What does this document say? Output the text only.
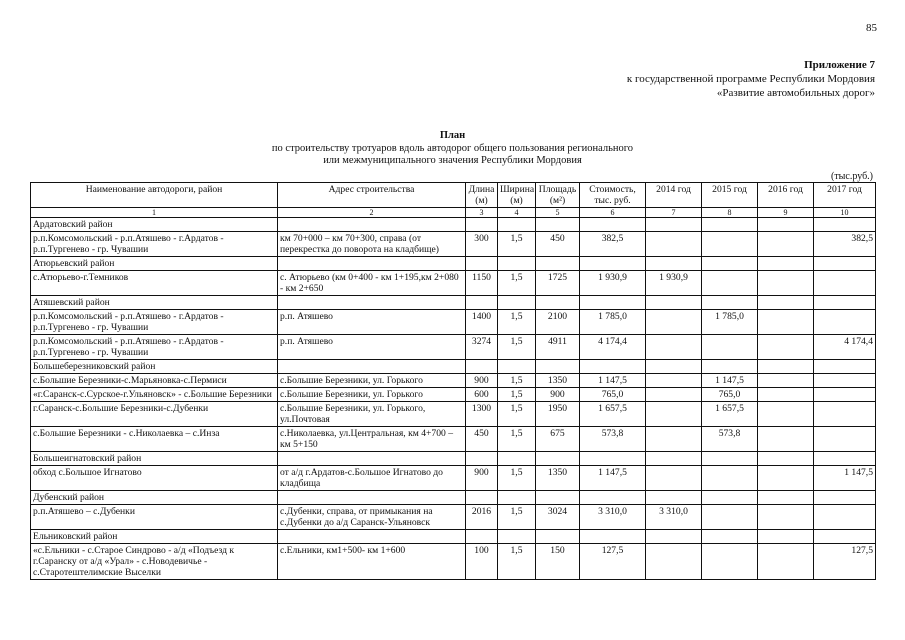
85
Приложение 7
к государственной программе Республики Мордовия
«Развитие автомобильных дорог»
План
по строительству тротуаров вдоль автодорог общего пользования регионального
или межмуниципального значения Республики Мордовия
(тыс.руб.)
Наименование автодороги, район	Адрес строительства	Длина (м)	Ширина (м)	Площадь (м²)	Стоимость, тыс. руб.	2014 год	2015 год	2016 год	2017 год
1	2	3	4	5	6	7	8	9	10
Ардатовский район									
р.п.Комсомольский - р.п.Атяшево - г.Ардатов - р.п.Тургенево - гр. Чувашии	км 70+000 – км 70+300, справа (от перекрестка до поворота на кладбище)	300	1,5	450	382,5				382,5
Атюрьевский район									
с.Атюрьево-г.Темников	с. Атюрьево (км 0+400 - км 1+195,км 2+080 - км 2+650	1150	1,5	1725	1 930,9	1 930,9			
Атяшевский район									
р.п.Комсомольский - р.п.Атяшево - г.Ардатов - р.п.Тургенево - гр. Чувашии	р.п. Атяшево	1400	1,5	2100	1 785,0		1 785,0		
р.п.Комсомольский - р.п.Атяшево - г.Ардатов - р.п.Тургенево - гр. Чувашии	р.п. Атяшево	3274	1,5	4911	4 174,4				4 174,4
Большеберезниковский район									
с.Большие Березники-с.Марьяновка-с.Пермиси	с.Большие Березники, ул. Горького	900	1,5	1350	1 147,5		1 147,5		
«г.Саранск-с.Сурское-г.Ульяновск» - с.Большие Березники	с.Большие Березники, ул. Горького	600	1,5	900	765,0		765,0		
г.Саранск-с.Большие Березники-с.Дубенки	с.Большие Березники, ул. Горького, ул.Почтовая	1300	1,5	1950	1 657,5		1 657,5		
с.Большие Березники - с.Николаевка – с.Инза	с.Николаевка, ул.Центральная, км 4+700 – км 5+150	450	1,5	675	573,8		573,8		
Большеигнатовский район									
обход с.Большое Игнатово	от а/д г.Ардатов-с.Большое Игнатово до кладбища	900	1,5	1350	1 147,5				1 147,5
Дубенский район									
р.п.Атяшево – с.Дубенки	с.Дубенки, справа, от примыкания на с.Дубенки до а/д Саранск-Ульяновск	2016	1,5	3024	3 310,0	3 310,0			
Ельниковский район									
«с.Ельники - с.Старое Синдрово - а/д «Подъезд к г.Саранску от а/д «Урал» - с.Новодевичье - с.Старотештелимские Выселки	с.Ельники, км1+500- км 1+600	100	1,5	150	127,5				127,5
